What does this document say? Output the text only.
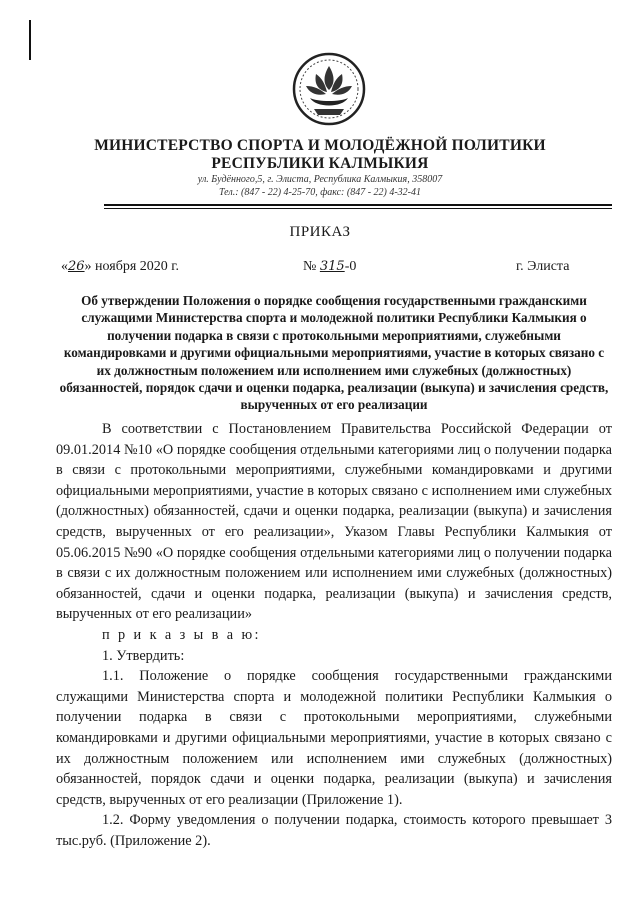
МИНИСТЕРСТВО СПОРТА И МОЛОДЁЖНОЙ ПОЛИТИКИ
РЕСПУБЛИКИ КАЛМЫКИЯ
ул. Будённого,5, г. Элиста, Республика Калмыкия, 358007
Тел.: (847 - 22) 4-25-70, факс: (847 - 22) 4-32-41
ПРИКАЗ
«26» ноября 2020 г.	№ 315-0	г. Элиста
Об утверждении Положения о порядке сообщения государственными гражданскими служащими Министерства спорта и молодежной политики Республики Калмыкия о получении подарка в связи с протокольными мероприятиями, служебными командировками и другими официальными мероприятиями, участие в которых связано с их должностным положением или исполнением ими служебных (должностных) обязанностей, порядок сдачи и оценки подарка, реализации (выкупа) и зачисления средств, вырученных от его реализации

В соответствии с Постановлением Правительства Российской Федерации от 09.01.2014 №10 «О порядке сообщения отдельными категориями лиц о получении подарка в связи с протокольными мероприятиями, служебными командировками и другими официальными мероприятиями, участие в которых связано с исполнением ими служебных (должностных) обязанностей, сдачи и оценки подарка, реализации (выкупа) и зачисления средств, вырученных от его реализации», Указом Главы Республики Калмыкия от 05.06.2015 №90 «О порядке сообщения отдельными категориями лиц о получении подарка в связи с их должностным положением или исполнением ими служебных (должностных) обязанностей, сдачи и оценки подарка, реализации (выкупа) и зачисления средств, вырученных от его реализации»

п р и к а з ы в а ю:

1. Утвердить:

1.1. Положение о порядке сообщения государственными гражданскими служащими Министерства спорта и молодежной политики Республики Калмыкия о получении подарка в связи с протокольными мероприятиями, служебными командировками и другими официальными мероприятиями, участие в которых связано с их должностным положением или исполнением ими служебных (должностных) обязанностей, порядок сдачи и оценки подарка, реализации (выкупа) и зачисления средств, вырученных от его реализации (Приложение 1).

1.2. Форму уведомления о получении подарка, стоимость которого превышает 3 тыс.руб. (Приложение 2).
